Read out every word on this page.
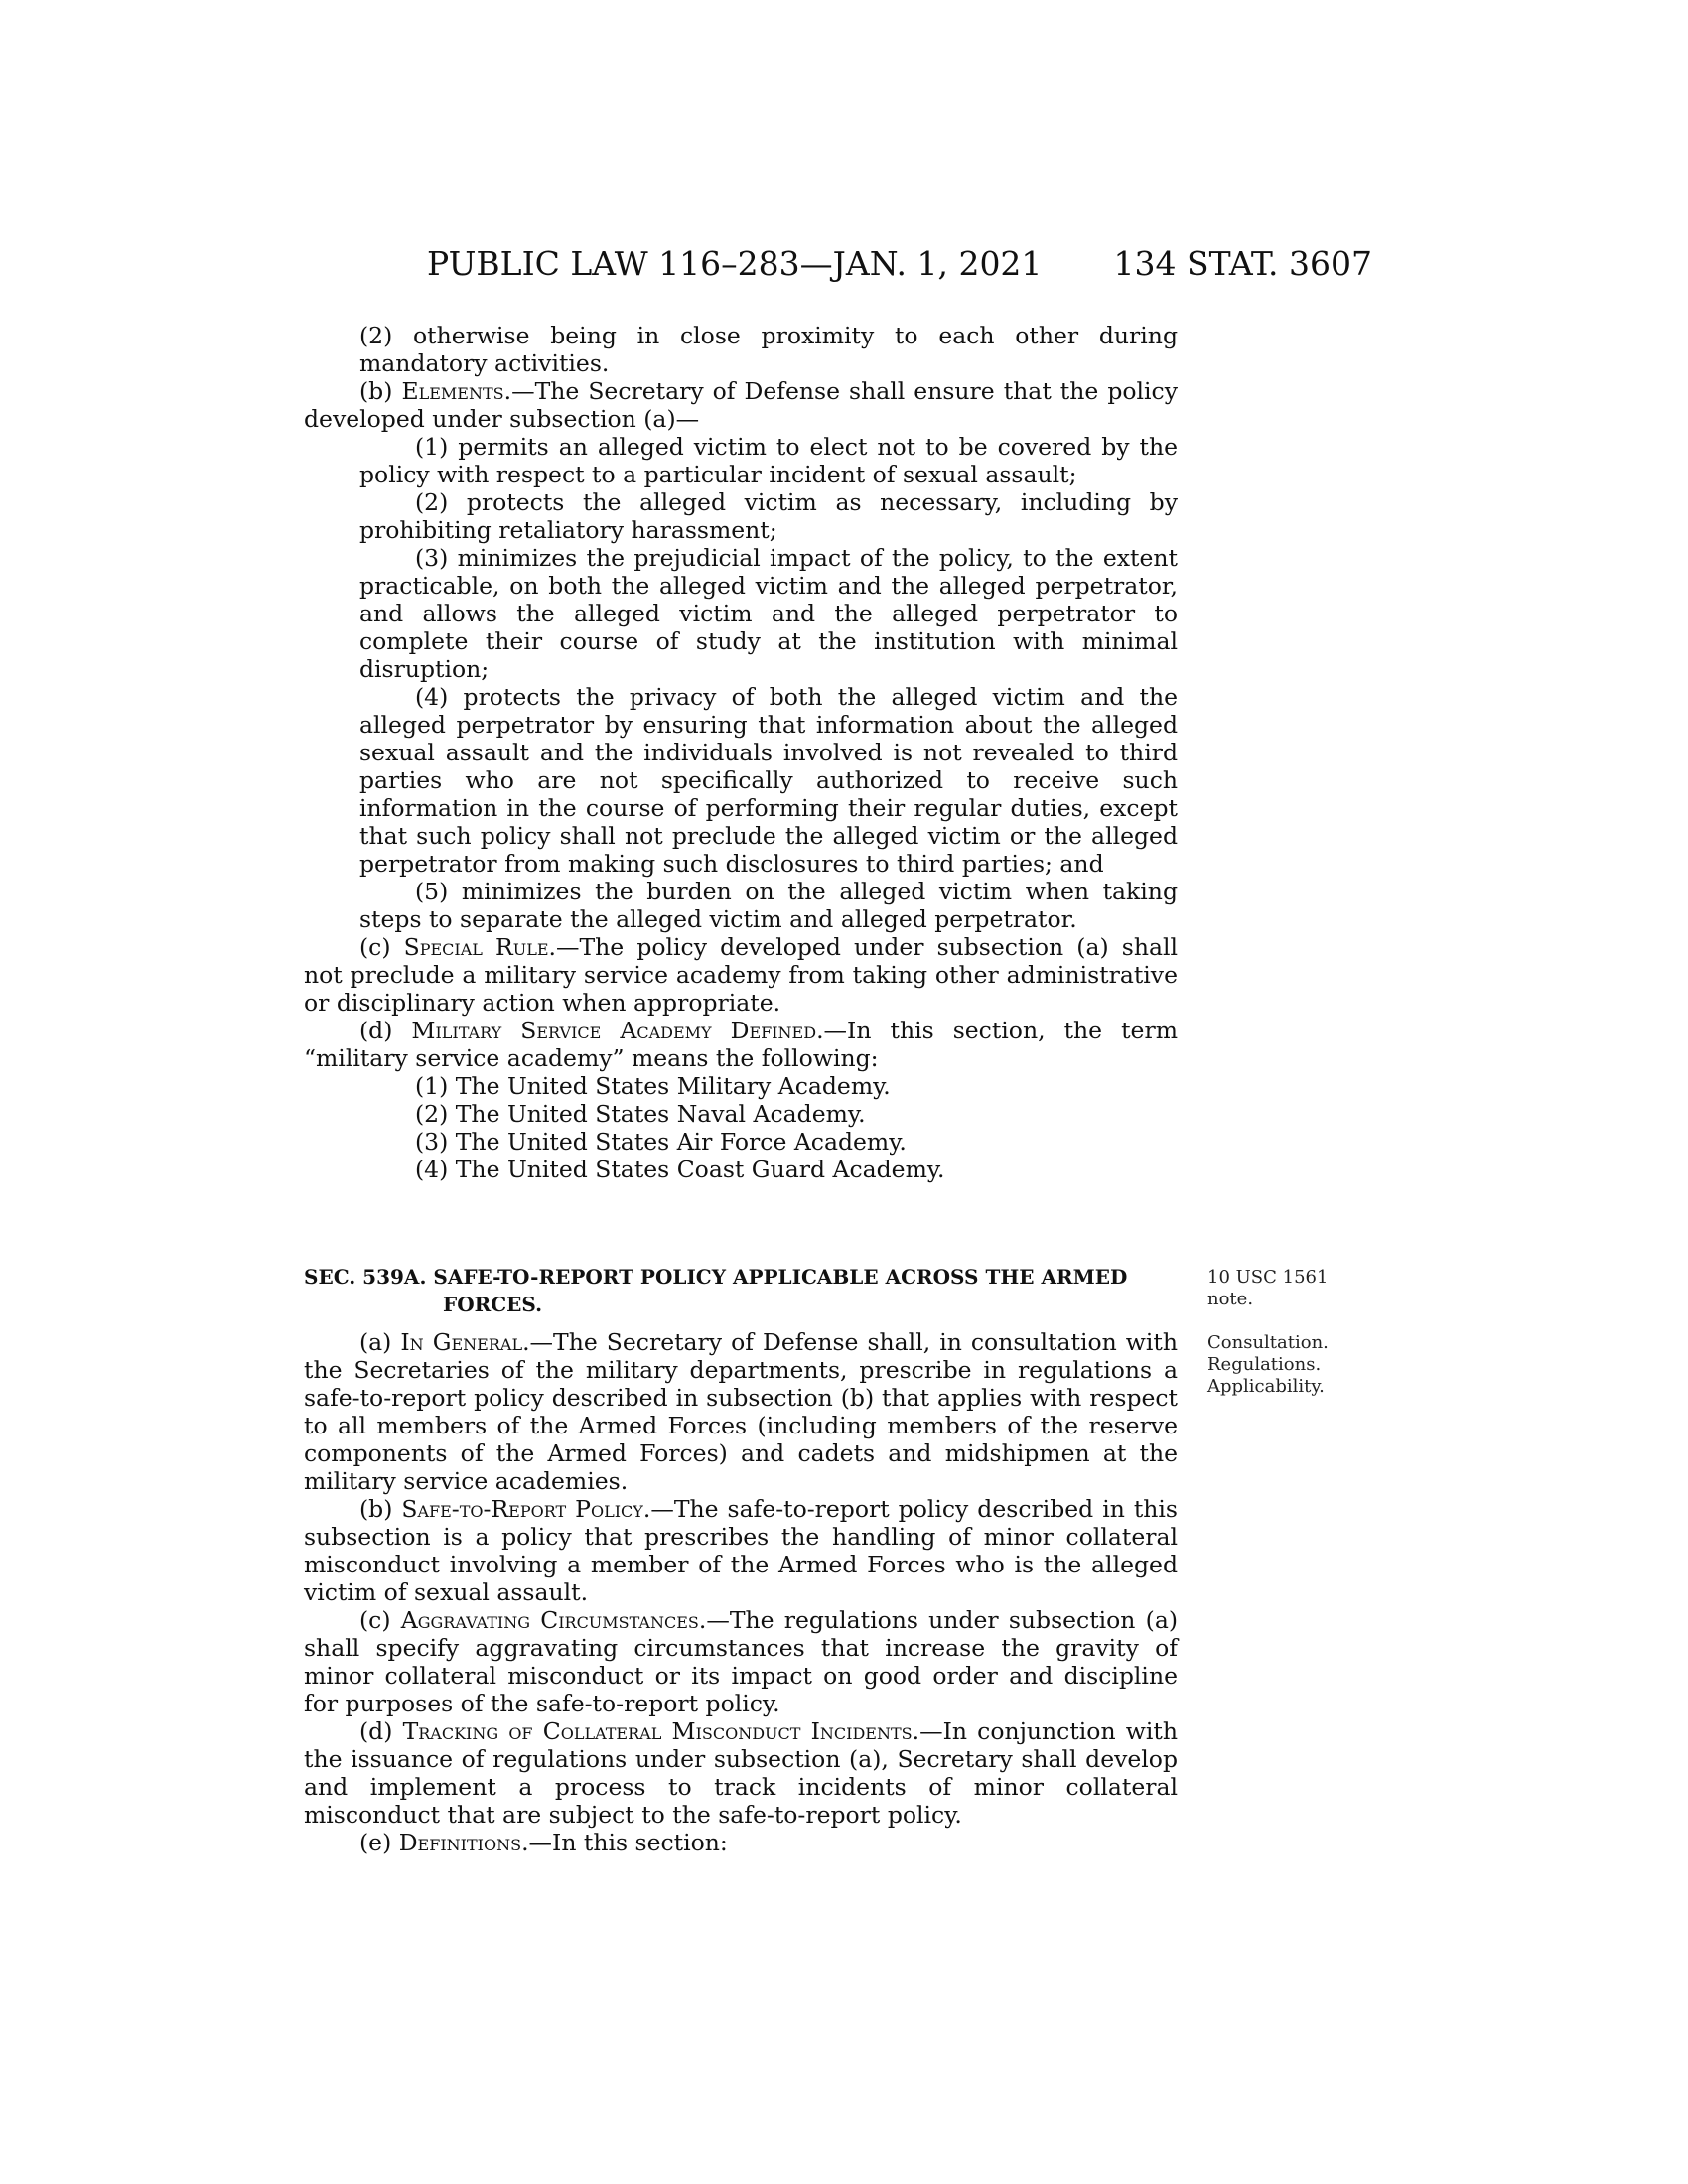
PUBLIC LAW 116–283—JAN. 1, 2021 134 STAT. 3607

(2) otherwise being in close proximity to each other during mandatory activities.

(b) Elements.—The Secretary of Defense shall ensure that the policy developed under subsection (a)—

(1) permits an alleged victim to elect not to be covered by the policy with respect to a particular incident of sexual assault;

(2) protects the alleged victim as necessary, including by prohibiting retaliatory harassment;

(3) minimizes the prejudicial impact of the policy, to the extent practicable, on both the alleged victim and the alleged perpetrator, and allows the alleged victim and the alleged perpetrator to complete their course of study at the institution with minimal disruption;

(4) protects the privacy of both the alleged victim and the alleged perpetrator by ensuring that information about the alleged sexual assault and the individuals involved is not revealed to third parties who are not specifically authorized to receive such information in the course of performing their regular duties, except that such policy shall not preclude the alleged victim or the alleged perpetrator from making such disclosures to third parties; and

(5) minimizes the burden on the alleged victim when taking steps to separate the alleged victim and alleged perpetrator.

(c) Special Rule.—The policy developed under subsection (a) shall not preclude a military service academy from taking other administrative or disciplinary action when appropriate.

(d) Military Service Academy Defined.—In this section, the term “military service academy” means the following:

(1) The United States Military Academy.

(2) The United States Naval Academy.

(3) The United States Air Force Academy.

(4) The United States Coast Guard Academy.

SEC. 539A. SAFE-TO-REPORT POLICY APPLICABLE ACROSS THE ARMED FORCES.
10 USC 1561
note.
Consultation.
Regulations.
Applicability.

(a) In General.—The Secretary of Defense shall, in consultation with the Secretaries of the military departments, prescribe in regulations a safe-to-report policy described in subsection (b) that applies with respect to all members of the Armed Forces (including members of the reserve components of the Armed Forces) and cadets and midshipmen at the military service academies.

(b) Safe-to-Report Policy.—The safe-to-report policy described in this subsection is a policy that prescribes the handling of minor collateral misconduct involving a member of the Armed Forces who is the alleged victim of sexual assault.

(c) Aggravating Circumstances.—The regulations under subsection (a) shall specify aggravating circumstances that increase the gravity of minor collateral misconduct or its impact on good order and discipline for purposes of the safe-to-report policy.

(d) Tracking of Collateral Misconduct Incidents.—In conjunction with the issuance of regulations under subsection (a), Secretary shall develop and implement a process to track incidents of minor collateral misconduct that are subject to the safe-to-report policy.

(e) Definitions.—In this section:
